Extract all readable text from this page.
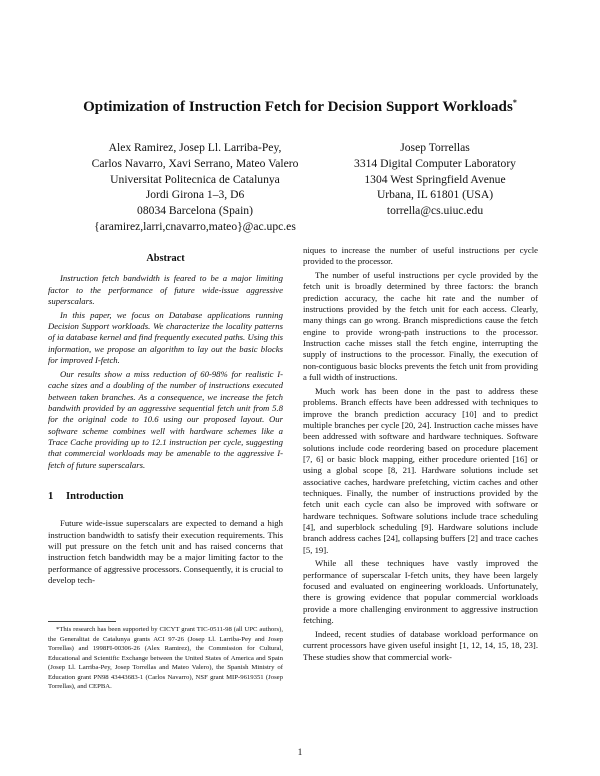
Optimization of Instruction Fetch for Decision Support Workloads*
Alex Ramirez, Josep Ll. Larriba-Pey,
Carlos Navarro, Xavi Serrano, Mateo Valero
Universitat Politecnica de Catalunya
Jordi Girona 1–3, D6
08034 Barcelona (Spain)
{aramirez,larri,cnavarro,mateo}@ac.upc.es
Josep Torrellas
3314 Digital Computer Laboratory
1304 West Springfield Avenue
Urbana, IL 61801 (USA)
torrella@cs.uiuc.edu
Abstract

Instruction fetch bandwidth is feared to be a major limiting factor to the performance of future wide-issue aggressive superscalars.

In this paper, we focus on Database applications running Decision Support workloads. We characterize the locality patterns of ia database kernel and find frequently executed paths. Using this information, we propose an algorithm to lay out the basic blocks for improved I-fetch.

Our results show a miss reduction of 60-98% for realistic I-cache sizes and a doubling of the number of instructions executed between taken branches. As a consequence, we increase the fetch bandwith provided by an aggressive sequential fetch unit from 5.8 for the original code to 10.6 using our proposed layout. Our software scheme combines well with hardware schemes like a Trace Cache providing up to 12.1 instruction per cycle, suggesting that commercial workloads may be amenable to the aggressive I-fetch of future superscalars.

1 Introduction

Future wide-issue superscalars are expected to demand a high instruction bandwidth to satisfy their execution requirements. This will put pressure on the fetch unit and has raised concerns that instruction fetch bandwidth may be a major limiting factor to the performance of aggressive processors. Consequently, it is crucial to develop tech-

*This research has been supported by CICYT grant TIC-0511-98 (all UPC authors), the Generalitat de Catalunya grants ACI 97-26 (Josep Ll. Larriba-Pey and Josep Torrellas) and 1998FI-00306-26 (Alex Ramirez), the Commission for Cultural, Educational and Scientific Exchange between the United States of America and Spain (Josep Ll. Larriba-Pey, Josep Torrellas and Mateo Valero), the Spanish Ministry of Education grant PN98 43443683-1 (Carlos Navarro), NSF grant MIP-9619351 (Josep Torrellas), and CEPBA.

niques to increase the number of useful instructions per cycle provided to the processor.

The number of useful instructions per cycle provided by the fetch unit is broadly determined by three factors: the branch prediction accuracy, the cache hit rate and the number of instructions provided by the fetch unit for each access. Clearly, many things can go wrong. Branch mispredictions cause the fetch engine to provide wrong-path instructions to the processor. Instruction cache misses stall the fetch engine, interrupting the supply of instructions to the processor. Finally, the execution of non-contiguous basic blocks prevents the fetch unit from providing a full width of instructions.

Much work has been done in the past to address these problems. Branch effects have been addressed with techniques to improve the branch prediction accuracy [10] and to predict multiple branches per cycle [20, 24]. Instruction cache misses have been addressed with software and hardware techniques. Software solutions include code reordering based on procedure placement [7, 6] or basic block mapping, either procedure oriented [16] or using a global scope [8, 21]. Hardware solutions include set associative caches, hardware prefetching, victim caches and other techniques. Finally, the number of instructions provided by the fetch unit each cycle can also be improved with software or hardware techniques. Software solutions include trace scheduling [4], and superblock scheduling [9]. Hardware solutions include branch address caches [24], collapsing buffers [2] and trace caches [5, 19].

While all these techniques have vastly improved the performance of superscalar I-fetch units, they have been largely focused and evaluated on engineering workloads. Unfortunately, there is growing evidence that popular commercial workloads provide a more challenging environment to aggressive instruction fetching.

Indeed, recent studies of database workload performance on current processors have given useful insight [1, 12, 14, 15, 18, 23]. These studies show that commercial work-

1
